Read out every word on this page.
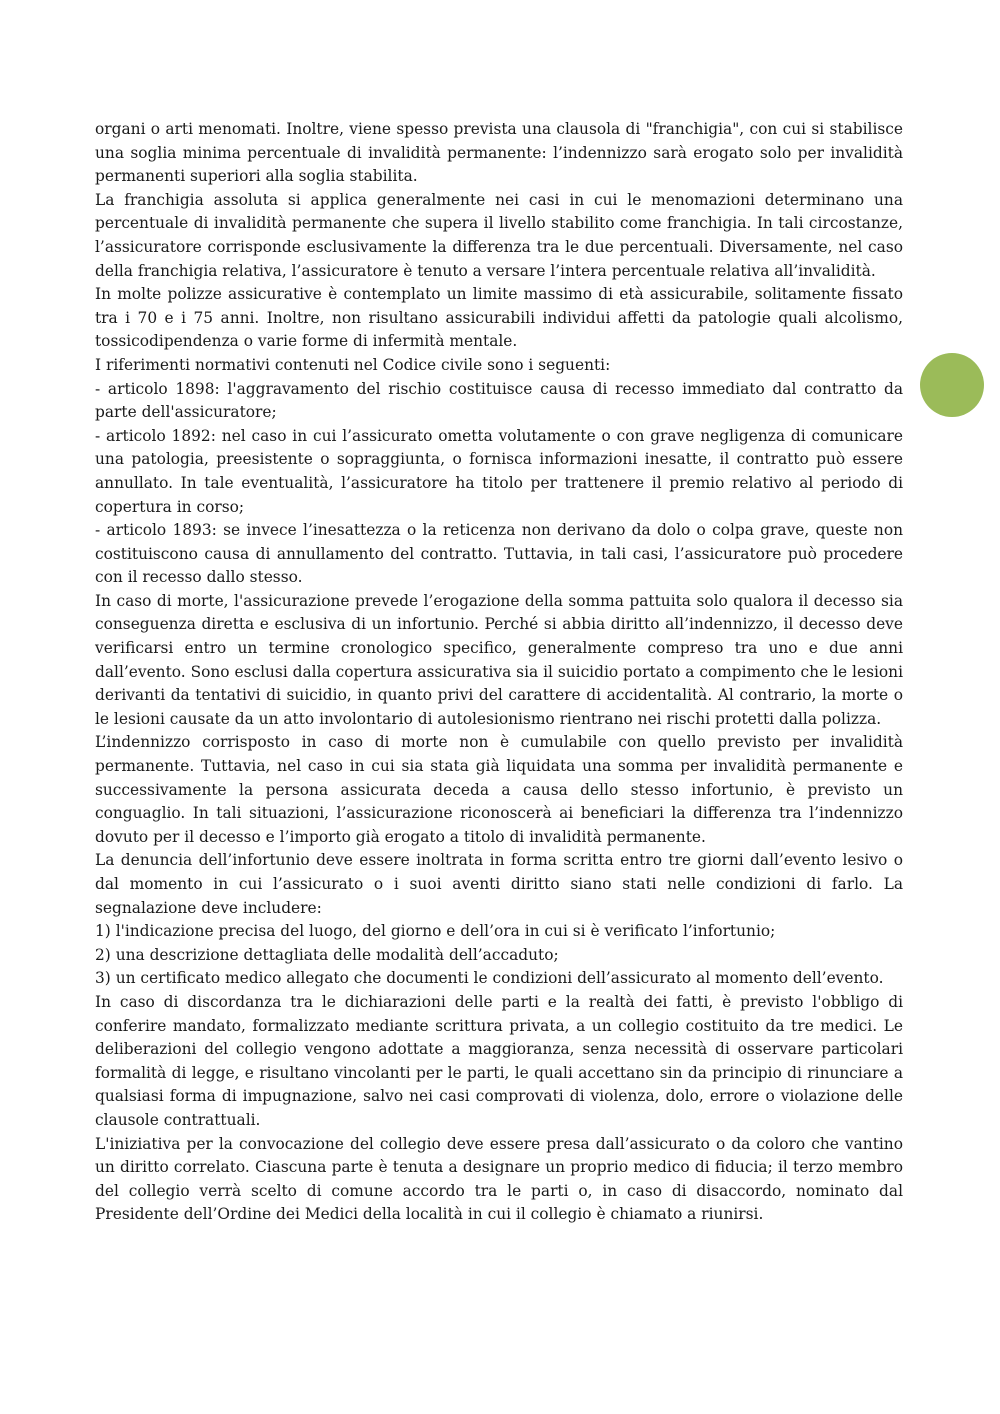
organi o arti menomati. Inoltre, viene spesso prevista una clausola di "franchigia", con cui si stabilisce una soglia minima percentuale di invalidità permanente: l’indennizzo sarà erogato solo per invalidità permanenti superiori alla soglia stabilita.

La franchigia assoluta si applica generalmente nei casi in cui le menomazioni determinano una percentuale di invalidità permanente che supera il livello stabilito come franchigia. In tali circostanze, l’assicuratore corrisponde esclusivamente la differenza tra le due percentuali. Diversamente, nel caso della franchigia relativa, l’assicuratore è tenuto a versare l’intera percentuale relativa all’invalidità.

In molte polizze assicurative è contemplato un limite massimo di età assicurabile, solitamente fissato tra i 70 e i 75 anni. Inoltre, non risultano assicurabili individui affetti da patologie quali alcolismo, tossicodipendenza o varie forme di infermità mentale.

I riferimenti normativi contenuti nel Codice civile sono i seguenti:

- articolo 1898: l'aggravamento del rischio costituisce causa di recesso immediato dal contratto da parte dell'assicuratore;

- articolo 1892: nel caso in cui l’assicurato ometta volutamente o con grave negligenza di comunicare una patologia, preesistente o sopraggiunta, o fornisca informazioni inesatte, il contratto può essere annullato. In tale eventualità, l’assicuratore ha titolo per trattenere il premio relativo al periodo di copertura in corso;

- articolo 1893: se invece l’inesattezza o la reticenza non derivano da dolo o colpa grave, queste non costituiscono causa di annullamento del contratto. Tuttavia, in tali casi, l’assicuratore può procedere con il recesso dallo stesso.

In caso di morte, l'assicurazione prevede l’erogazione della somma pattuita solo qualora il decesso sia conseguenza diretta e esclusiva di un infortunio. Perché si abbia diritto all’indennizzo, il decesso deve verificarsi entro un termine cronologico specifico, generalmente compreso tra uno e due anni dall’evento. Sono esclusi dalla copertura assicurativa sia il suicidio portato a compimento che le lesioni derivanti da tentativi di suicidio, in quanto privi del carattere di accidentalità. Al contrario, la morte o le lesioni causate da un atto involontario di autolesionismo rientrano nei rischi protetti dalla polizza.

L’indennizzo corrisposto in caso di morte non è cumulabile con quello previsto per invalidità permanente. Tuttavia, nel caso in cui sia stata già liquidata una somma per invalidità permanente e successivamente la persona assicurata deceda a causa dello stesso infortunio, è previsto un conguaglio. In tali situazioni, l’assicurazione riconoscerà ai beneficiari la differenza tra l’indennizzo dovuto per il decesso e l’importo già erogato a titolo di invalidità permanente.

La denuncia dell’infortunio deve essere inoltrata in forma scritta entro tre giorni dall’evento lesivo o dal momento in cui l’assicurato o i suoi aventi diritto siano stati nelle condizioni di farlo. La segnalazione deve includere:

1) l'indicazione precisa del luogo, del giorno e dell’ora in cui si è verificato l’infortunio;

2) una descrizione dettagliata delle modalità dell’accaduto;

3) un certificato medico allegato che documenti le condizioni dell’assicurato al momento dell’evento.

In caso di discordanza tra le dichiarazioni delle parti e la realtà dei fatti, è previsto l'obbligo di conferire mandato, formalizzato mediante scrittura privata, a un collegio costituito da tre medici. Le deliberazioni del collegio vengono adottate a maggioranza, senza necessità di osservare particolari formalità di legge, e risultano vincolanti per le parti, le quali accettano sin da principio di rinunciare a qualsiasi forma di impugnazione, salvo nei casi comprovati di violenza, dolo, errore o violazione delle clausole contrattuali.

L'iniziativa per la convocazione del collegio deve essere presa dall’assicurato o da coloro che vantino un diritto correlato. Ciascuna parte è tenuta a designare un proprio medico di fiducia; il terzo membro del collegio verrà scelto di comune accordo tra le parti o, in caso di disaccordo, nominato dal Presidente dell’Ordine dei Medici della località in cui il collegio è chiamato a riunirsi.
